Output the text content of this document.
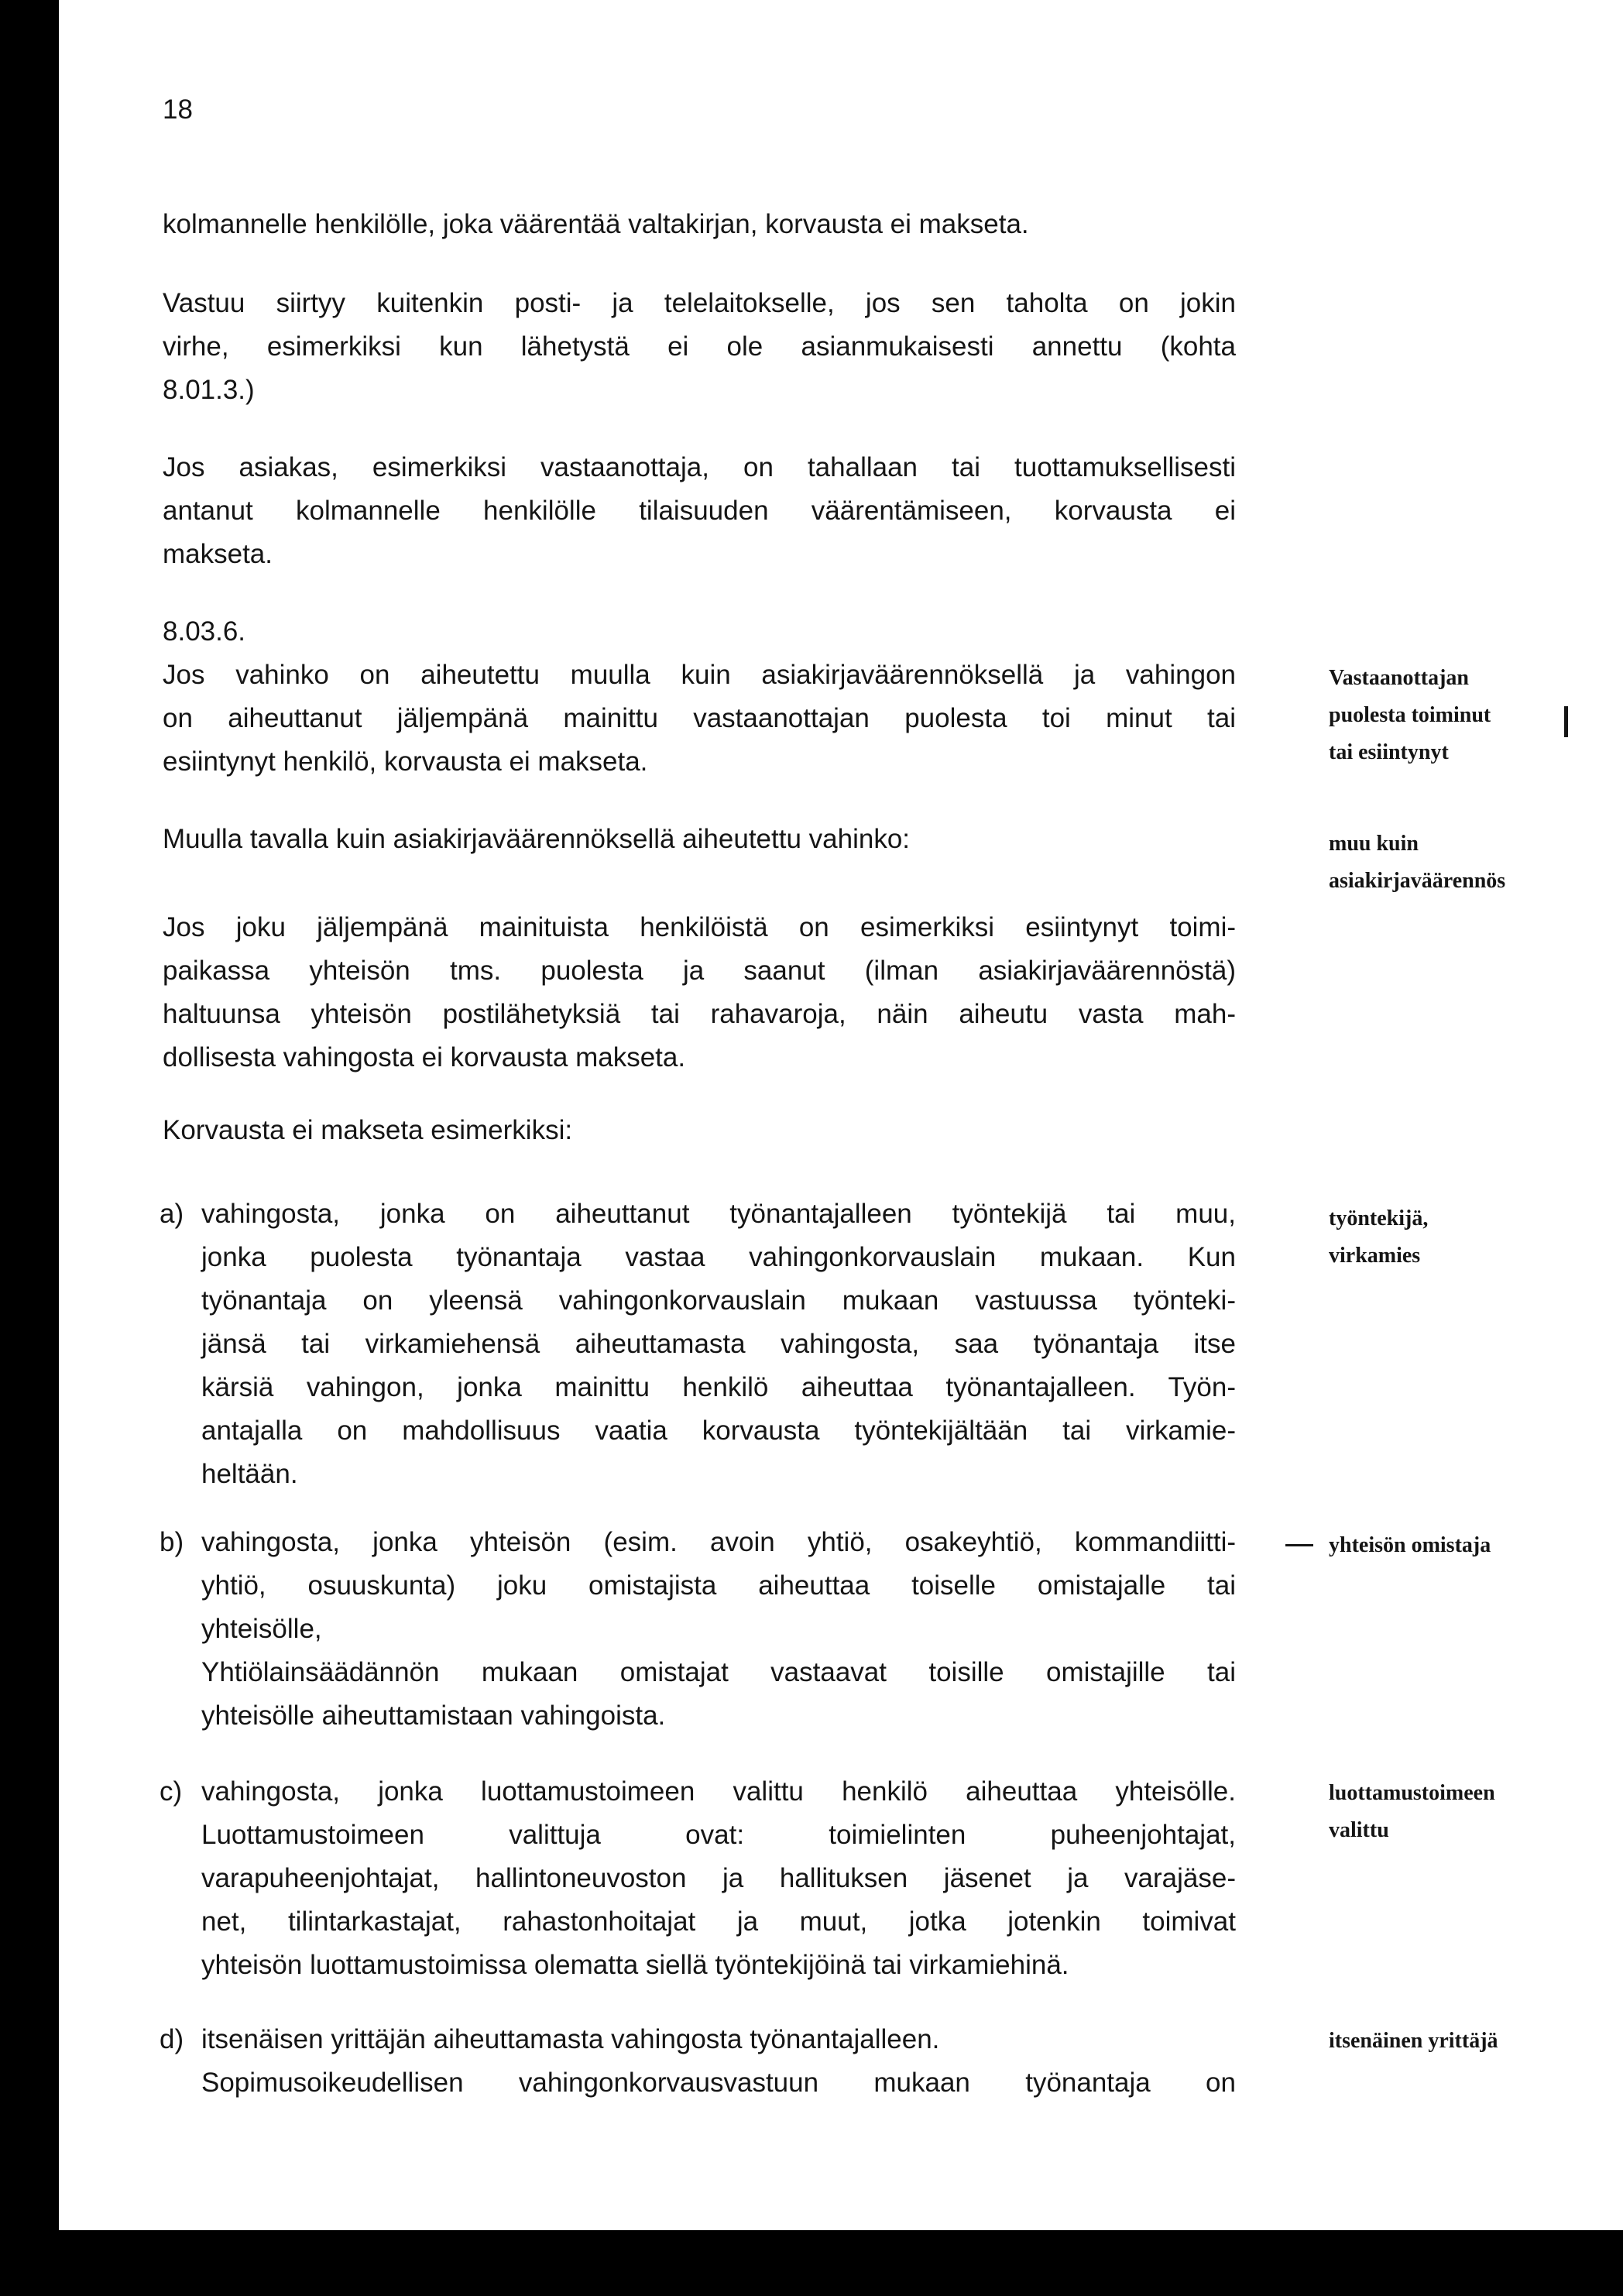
18
kolmannelle henkilölle, joka väärentää valtakirjan, korvausta ei makseta.
Vastuu siirtyy kuitenkin posti- ja telelaitokselle, jos sen taholta on jokin
virhe, esimerkiksi kun lähetystä ei ole asianmukaisesti annettu (kohta
8.01.3.)
Jos asiakas, esimerkiksi vastaanottaja, on tahallaan tai tuottamuksellisesti
antanut kolmannelle henkilölle tilaisuuden väärentämiseen, korvausta ei
makseta.
8.03.6.
Jos vahinko on aiheutettu muulla kuin asiakirjaväärennöksellä ja vahingon
on aiheuttanut jäljempänä mainittu vastaanottajan puolesta toi minut tai
esiintynyt henkilö, korvausta ei makseta.
Muulla tavalla kuin asiakirjaväärennöksellä aiheutettu vahinko:
Jos joku jäljempänä mainituista henkilöistä on esimerkiksi esiintynyt toimi-
paikassa yhteisön tms. puolesta ja saanut (ilman asiakirjaväärennöstä)
haltuunsa yhteisön postilähetyksiä tai rahavaroja, näin aiheutu vasta mah-
dollisesta vahingosta ei korvausta makseta.
Korvausta ei makseta esimerkiksi:
a) vahingosta, jonka on aiheuttanut työnantajalleen työntekijä tai muu,
jonka puolesta työnantaja vastaa vahingonkorvauslain mukaan. Kun
työnantaja on yleensä vahingonkorvauslain mukaan vastuussa työnteki-
jänsä tai virkamiehensä aiheuttamasta vahingosta, saa työnantaja itse
kärsiä vahingon, jonka mainittu henkilö aiheuttaa työnantajalleen. Työn-
antajalla on mahdollisuus vaatia korvausta työntekijältään tai virkamie-
heltään.
b) vahingosta, jonka yhteisön (esim. avoin yhtiö, osakeyhtiö, kommandiitti-
yhtiö, osuuskunta) joku omistajista aiheuttaa toiselle omistajalle tai
yhteisölle,
Yhtiölainsäädännön mukaan omistajat vastaavat toisille omistajille tai
yhteisölle aiheuttamistaan vahingoista.
c) vahingosta, jonka luottamustoimeen valittu henkilö aiheuttaa yhteisölle.
Luottamustoimeen valittuja ovat: toimielinten puheenjohtajat,
varapuheenjohtajat, hallintoneuvoston ja hallituksen jäsenet ja varajäse-
net, tilintarkastajat, rahastonhoitajat ja muut, jotka jotenkin toimivat
yhteisön luottamustoimissa olematta siellä työntekijöinä tai virkamiehinä.
d) itsenäisen yrittäjän aiheuttamasta vahingosta työnantajalleen.
Sopimusoikeudellisen vahingonkorvausvastuun mukaan työnantaja on
Vastaanottajan
puolesta toiminut
tai esiintynyt
muu kuin
asiakirjaväärennös
työntekijä,
virkamies
yhteisön omistaja
luottamustoimeen
valittu
itsenäinen yrittäjä
